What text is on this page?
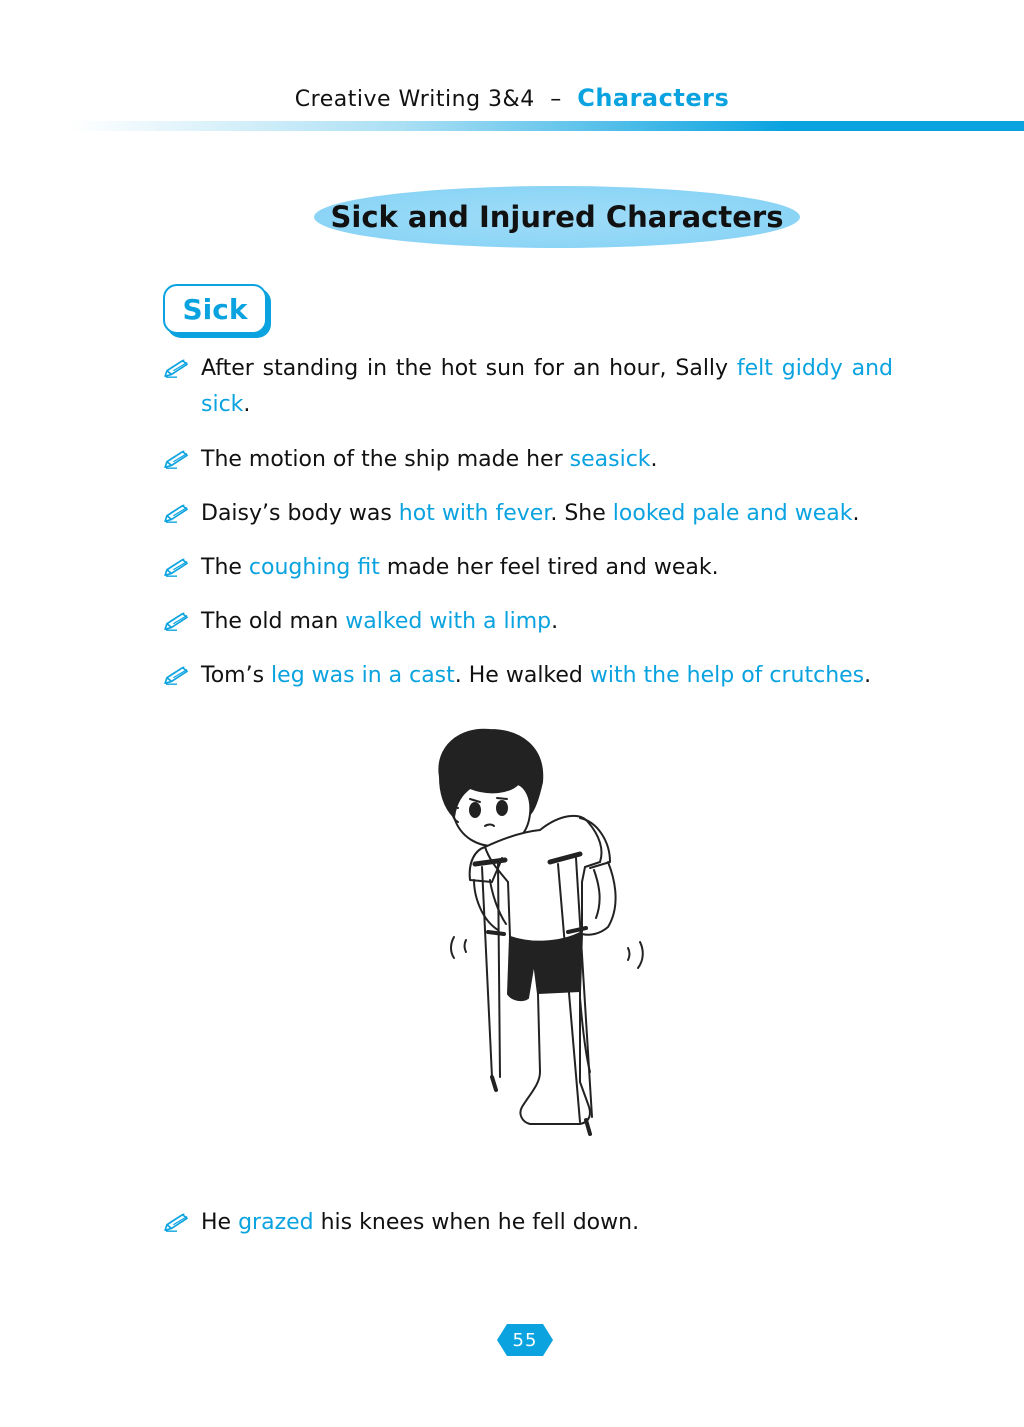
Creative Writing 3&4 – Characters
Sick and Injured Characters
Sick
After standing in the hot sun for an hour, Sally felt giddy and sick.
The motion of the ship made her seasick.
Daisy’s body was hot with fever. She looked pale and weak.
The coughing fit made her feel tired and weak.
The old man walked with a limp.
Tom’s leg was in a cast. He walked with the help of crutches.
He grazed his knees when he fell down.
55
